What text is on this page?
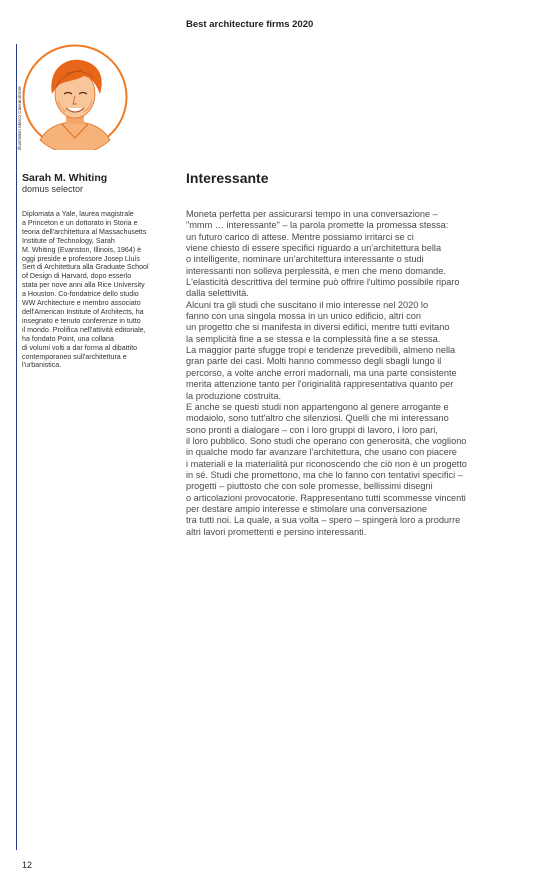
Best architecture firms 2020
Illustration Marco Cassandrone
Sarah M. Whiting
domus selector

Diplomata a Yale, laurea magistrale

a Princeton e un dottorato in Storia e

teoria dell'architettura al Massachusetts

Institute of Technology, Sarah

M. Whiting (Evanston, Illinois, 1964) è

oggi preside e professore Josep Lluís

Sert di Architettura alla Graduate School

of Design di Harvard, dopo esserlo

stata per nove anni alla Rice University

a Houston. Co-fondatrice dello studio

WW Architecture e membro associato

dell'American Institute of Architects, ha

insegnato e tenuto conferenze in tutto

il mondo. Prolifica nell'attività editoriale,

ha fondato Point, una collana

di volumi volti a dar forma al dibattito

contemporaneo sull'architettura e

l'urbanistica.

Interessante

Moneta perfetta per assicurarsi tempo in una conversazione –

"mmm … interessante" – la parola promette la promessa stessa:

un futuro carico di attese. Mentre possiamo irritarci se ci

viene chiesto di essere specifici riguardo a un'architettura bella

o intelligente, nominare un'architettura interessante o studi

interessanti non solleva perplessità, e men che meno domande.

L'elasticità descrittiva del termine può offrire l'ultimo possibile riparo

dalla selettività.

Alcuni tra gli studi che suscitano il mio interesse nel 2020 lo

fanno con una singola mossa in un unico edificio, altri con

un progetto che si manifesta in diversi edifici, mentre tutti evitano

la semplicità fine a se stessa e la complessità fine a se stessa.

La maggior parte sfugge tropi e tendenze prevedibili, almeno nella

gran parte dei casi. Molti hanno commesso degli sbagli lungo il

percorso, a volte anche errori madornali, ma una parte consistente

merita attenzione tanto per l'originalità rappresentativa quanto per

la produzione costruita.

E anche se questi studi non appartengono al genere arrogante e

modaiolo, sono tutt'altro che silenziosi. Quelli che mi interessano

sono pronti a dialogare – con i loro gruppi di lavoro, i loro pari,

il loro pubblico. Sono studi che operano con generosità, che vogliono

in qualche modo far avanzare l'architettura, che usano con piacere

i materiali e la materialità pur riconoscendo che ciò non è un progetto

in sé. Studi che promettono, ma che lo fanno con tentativi specifici –

progetti – piuttosto che con sole promesse, bellissimi disegni

o articolazioni provocatorie. Rappresentano tutti scommesse vincenti

per destare ampio interesse e stimolare una conversazione

tra tutti noi. La quale, a sua volta – spero – spingerà loro a produrre

altri lavori promettenti e persino interessanti.

12
